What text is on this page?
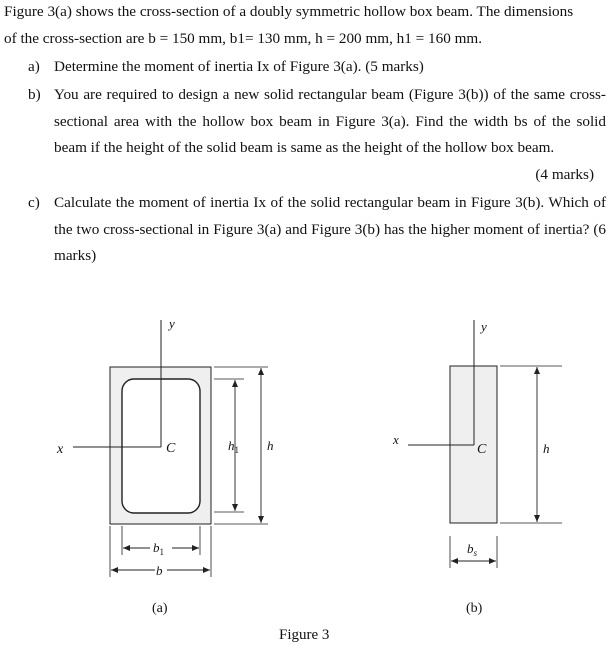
Figure 3(a) shows the cross-section of a doubly symmetric hollow box beam. The dimensions
of the cross-section are b = 150 mm, b1= 130 mm, h = 200 mm, h1 = 160 mm.
a) Determine the moment of inertia Ix of Figure 3(a). (5 marks)
b) You are required to design a new solid rectangular beam (Figure 3(b)) of the same cross-sectional area with the hollow box beam in Figure 3(a). Find the width bs of the solid beam if the height of the solid beam is same as the height of the hollow box beam.
(4 marks)
c) Calculate the moment of inertia Ix of the solid rectangular beam in Figure 3(b). Which of the two cross-sectional in Figure 3(a) and Figure 3(b) has the higher moment of inertia? (6 marks)
y
x	C	$h_1$ h
$b_1$
b
(a)
y
x
C	h
$b_s$
(b)
Figure 3
